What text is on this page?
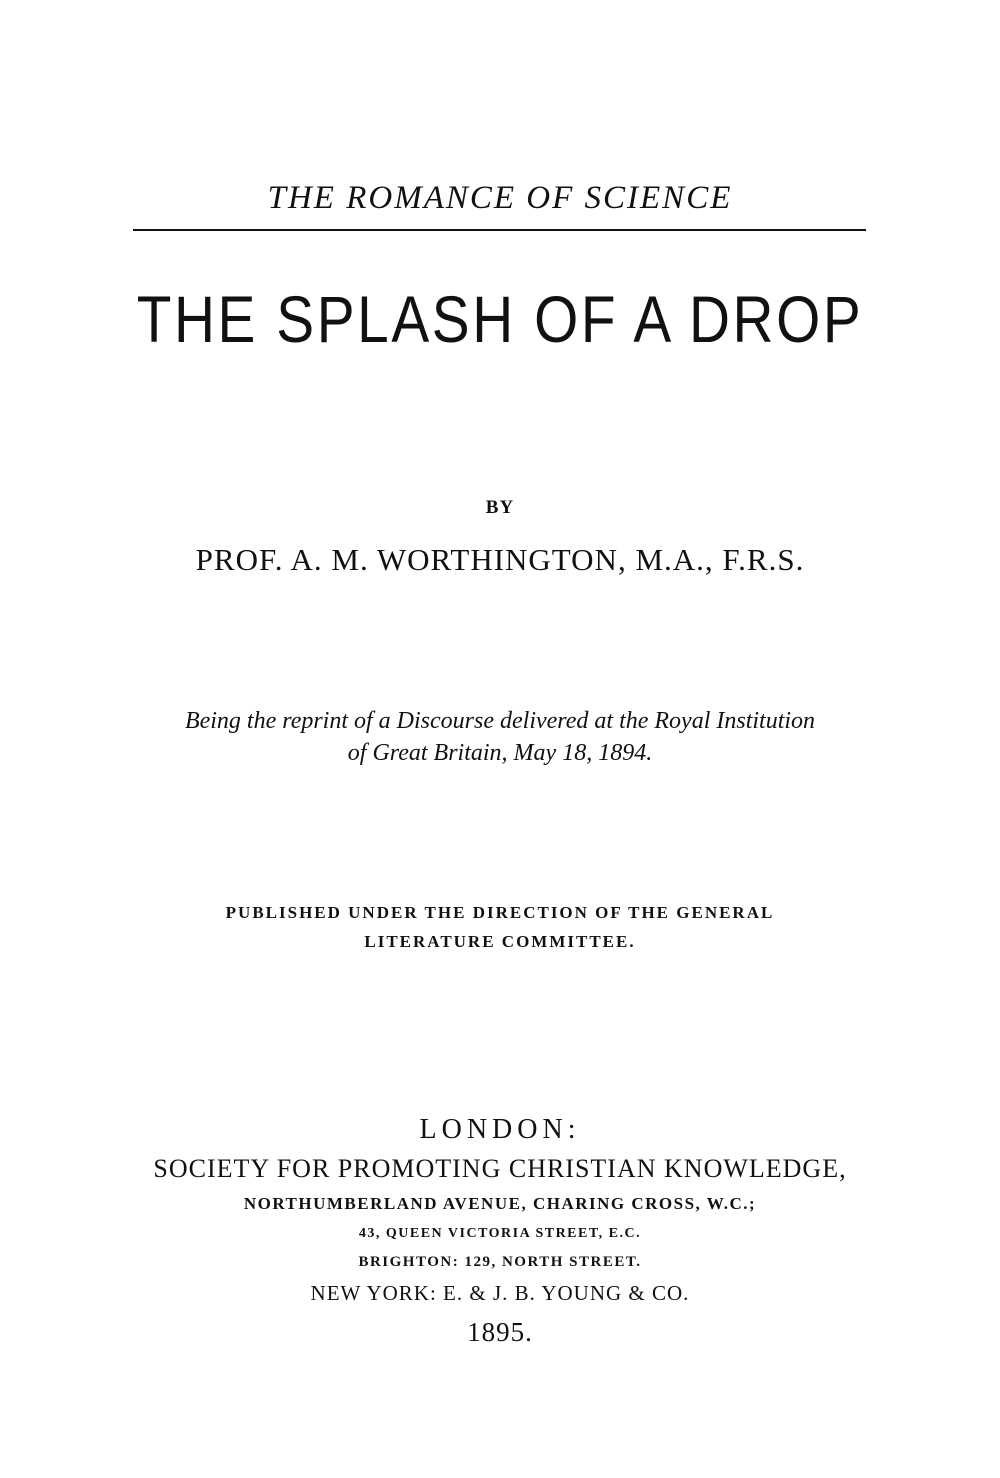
THE ROMANCE OF SCIENCE
THE SPLASH OF A DROP
BY
PROF. A. M. WORTHINGTON, M.A., F.R.S.
Being the reprint of a Discourse delivered at the Royal Institution
of Great Britain, May 18, 1894.
PUBLISHED UNDER THE DIRECTION OF THE GENERAL
LITERATURE COMMITTEE.
LONDON:
SOCIETY FOR PROMOTING CHRISTIAN KNOWLEDGE,
NORTHUMBERLAND AVENUE, CHARING CROSS, W.C.;
43, QUEEN VICTORIA STREET, E.C.
BRIGHTON: 129, NORTH STREET.
NEW YORK: E. & J. B. YOUNG & CO.
1895.
